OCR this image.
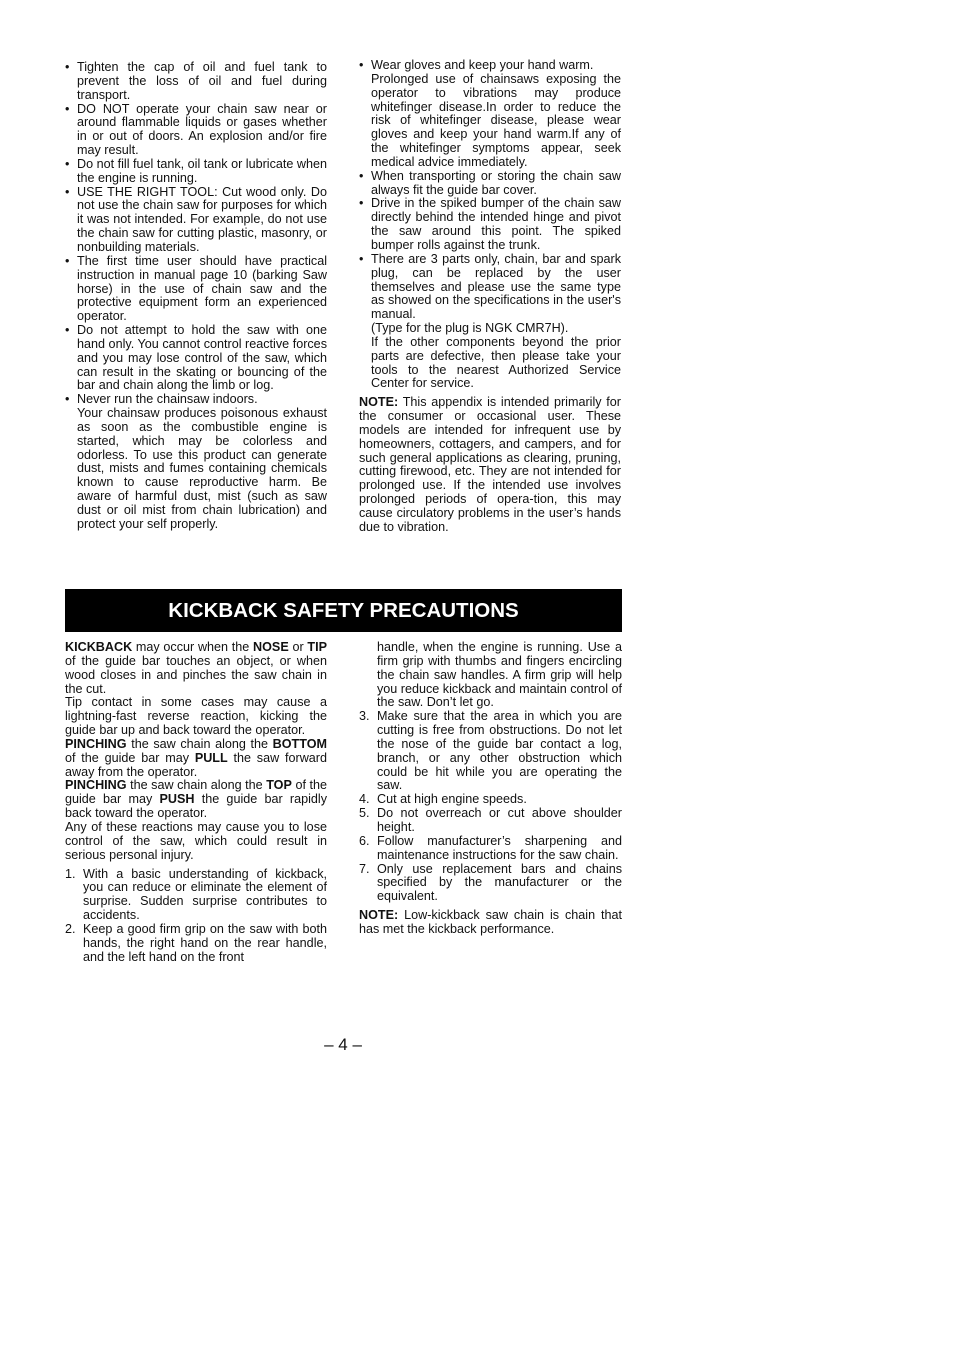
• Tighten the cap of oil and fuel tank to prevent the loss of oil and fuel during transport.

• DO NOT operate your chain saw near or around flammable liquids or gases whether in or out of doors. An explosion and/or fire may result.

• Do not fill fuel tank, oil tank or lubricate when the engine is running.

• USE THE RIGHT TOOL: Cut wood only. Do not use the chain saw for purposes for which it was not intended. For example, do not use the chain saw for cutting plastic, masonry, or nonbuilding materials.

• The first time user should have practical instruction in manual page 10 (barking Saw horse) in the use of chain saw and the protective equipment form an experienced operator.

• Do not attempt to hold the saw with one hand only. You cannot control reactive forces and you may lose control of the saw, which can result in the skating or bouncing of the bar and chain along the limb or log.

• Never run the chainsaw indoors.

Your chainsaw produces poisonous exhaust as soon as the combustible engine is started, which may be colorless and odorless. To use this product can generate dust, mists and fumes containing chemicals known to cause reproductive harm. Be aware of harmful dust, mist (such as saw dust or oil mist from chain lubrication) and protect your self properly.

• Wear gloves and keep your hand warm.

Prolonged use of chainsaws exposing the operator to vibrations may produce whitefinger disease.In order to reduce the risk of whitefinger disease, please wear gloves and keep your hand warm.If any of the whitefinger symptoms appear, seek medical advice immediately.

• When transporting or storing the chain saw always fit the guide bar cover.

• Drive in the spiked bumper of the chain saw directly behind the intended hinge and pivot the saw around this point. The spiked bumper rolls against the trunk.

• There are 3 parts only, chain, bar and spark plug, can be replaced by the user themselves and please use the same type as showed on the specifications in the user's manual.

(Type for the plug is NGK CMR7H).

If the other components beyond the prior parts are defective, then please take your tools to the nearest Authorized Service Center for service.

NOTE: This appendix is intended primarily for the consumer or occasional user. These models are intended for infrequent use by homeowners, cottagers, and campers, and for such general applications as clearing, pruning, cutting firewood, etc. They are not intended for prolonged use. If the intended use involves prolonged periods of opera-tion, this may cause circulatory problems in the user’s hands due to vibration.

KICKBACK SAFETY PRECAUTIONS

KICKBACK may occur when the NOSE or TIP of the guide bar touches an object, or when wood closes in and pinches the saw chain in the cut.

Tip contact in some cases may cause a lightning-fast reverse reaction, kicking the guide bar up and back toward the operator.

PINCHING the saw chain along the BOTTOM of the guide bar may PULL the saw forward away from the operator.

PINCHING the saw chain along the TOP of the guide bar may PUSH the guide bar rapidly back toward the operator.

Any of these reactions may cause you to lose control of the saw, which could result in serious personal injury.

1. With a basic understanding of kickback, you can reduce or eliminate the element of surprise. Sudden surprise contributes to accidents.

2. Keep a good firm grip on the saw with both hands, the right hand on the rear handle, and the left hand on the front

handle, when the engine is running. Use a firm grip with thumbs and fingers encircling the chain saw handles. A firm grip will help you reduce kickback and maintain control of the saw. Don’t let go.

3. Make sure that the area in which you are cutting is free from obstructions. Do not let the nose of the guide bar contact a log, branch, or any other obstruction which could be hit while you are operating the saw.

4. Cut at high engine speeds.

5. Do not overreach or cut above shoulder height.

6. Follow manufacturer’s sharpening and maintenance instructions for the saw chain.

7. Only use replacement bars and chains specified by the manufacturer or the equivalent.

NOTE: Low-kickback saw chain is chain that has met the kickback performance.

– 4 –
